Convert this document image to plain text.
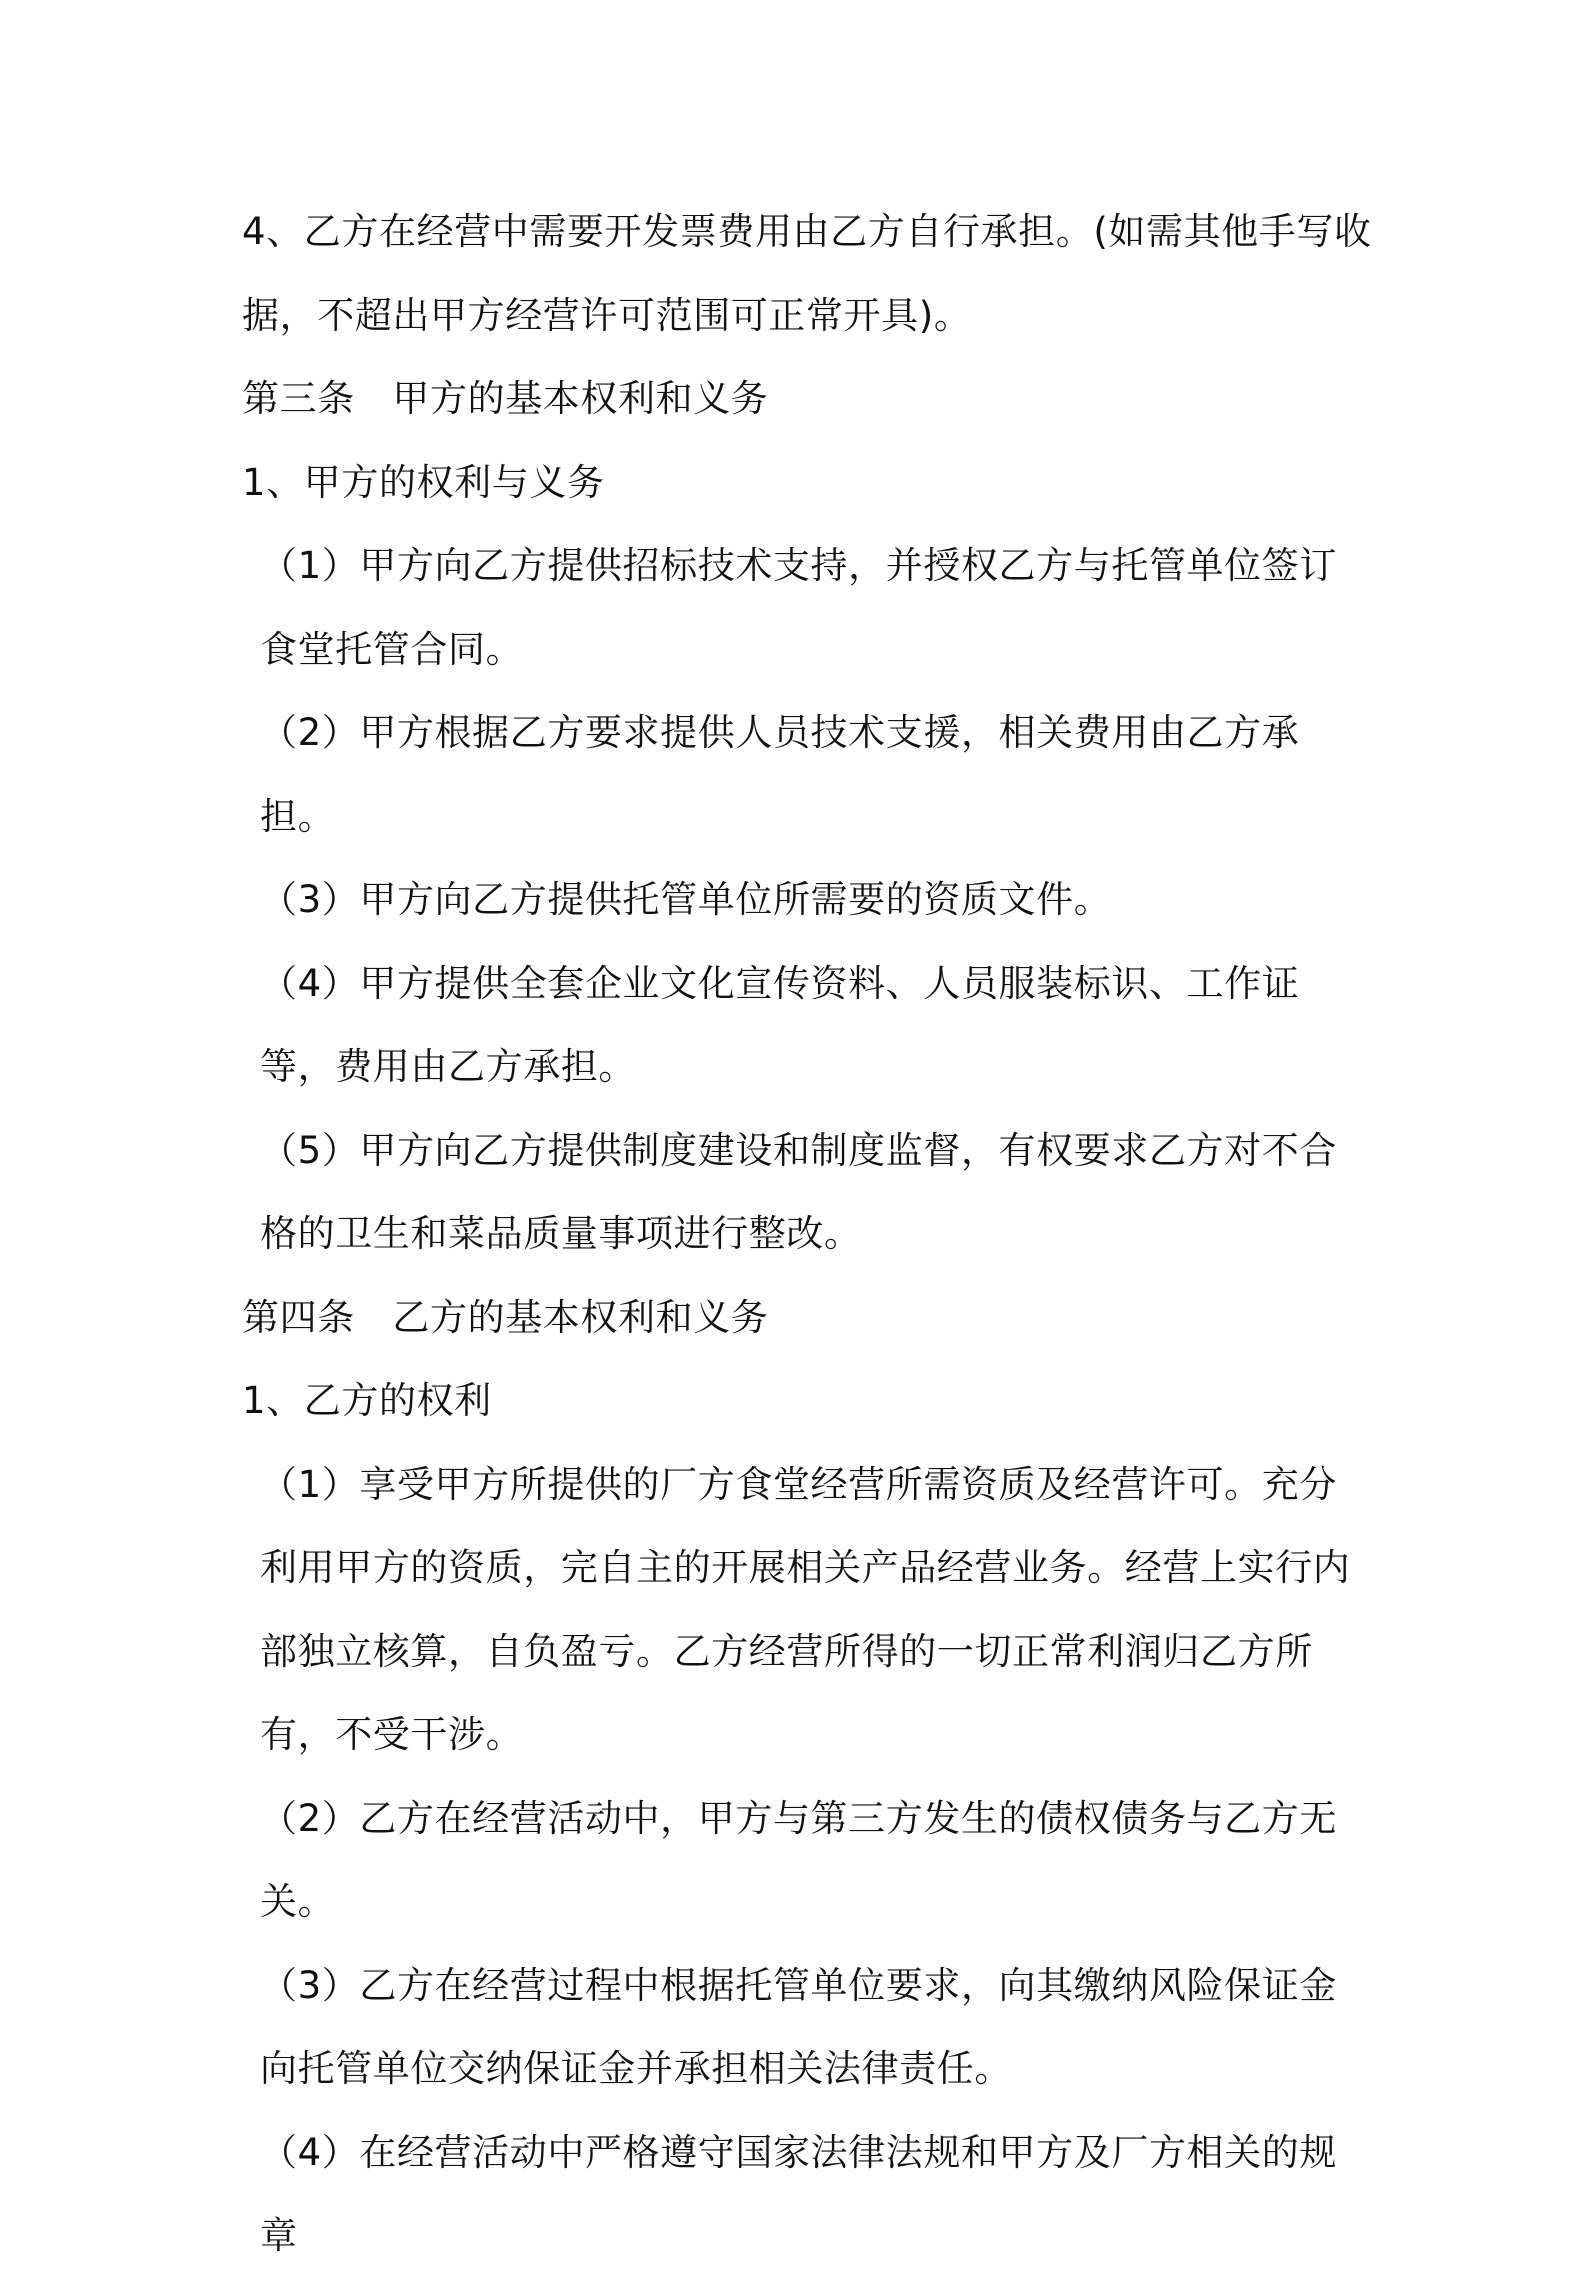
4、乙方在经营中需要开发票费用由乙方自行承担。(如需其他手写收据，不超出甲方经营许可范围可正常开具)。

第三条　甲方的基本权利和义务

1、甲方的权利与义务

（1）甲方向乙方提供招标技术支持，并授权乙方与托管单位签订食堂托管合同。

（2）甲方根据乙方要求提供人员技术支援，相关费用由乙方承担。

（3）甲方向乙方提供托管单位所需要的资质文件。

（4）甲方提供全套企业文化宣传资料、人员服装标识、工作证等，费用由乙方承担。

（5）甲方向乙方提供制度建设和制度监督，有权要求乙方对不合格的卫生和菜品质量事项进行整改。

第四条　乙方的基本权利和义务

1、乙方的权利

（1）享受甲方所提供的厂方食堂经营所需资质及经营许可。充分利用甲方的资质，完自主的开展相关产品经营业务。经营上实行内部独立核算，自负盈亏。乙方经营所得的一切正常利润归乙方所有，不受干涉。

（2）乙方在经营活动中，甲方与第三方发生的债权债务与乙方无关。

（3）乙方在经营过程中根据托管单位要求，向其缴纳风险保证金向托管单位交纳保证金并承担相关法律责任。

（4）在经营活动中严格遵守国家法律法规和甲方及厂方相关的规章
